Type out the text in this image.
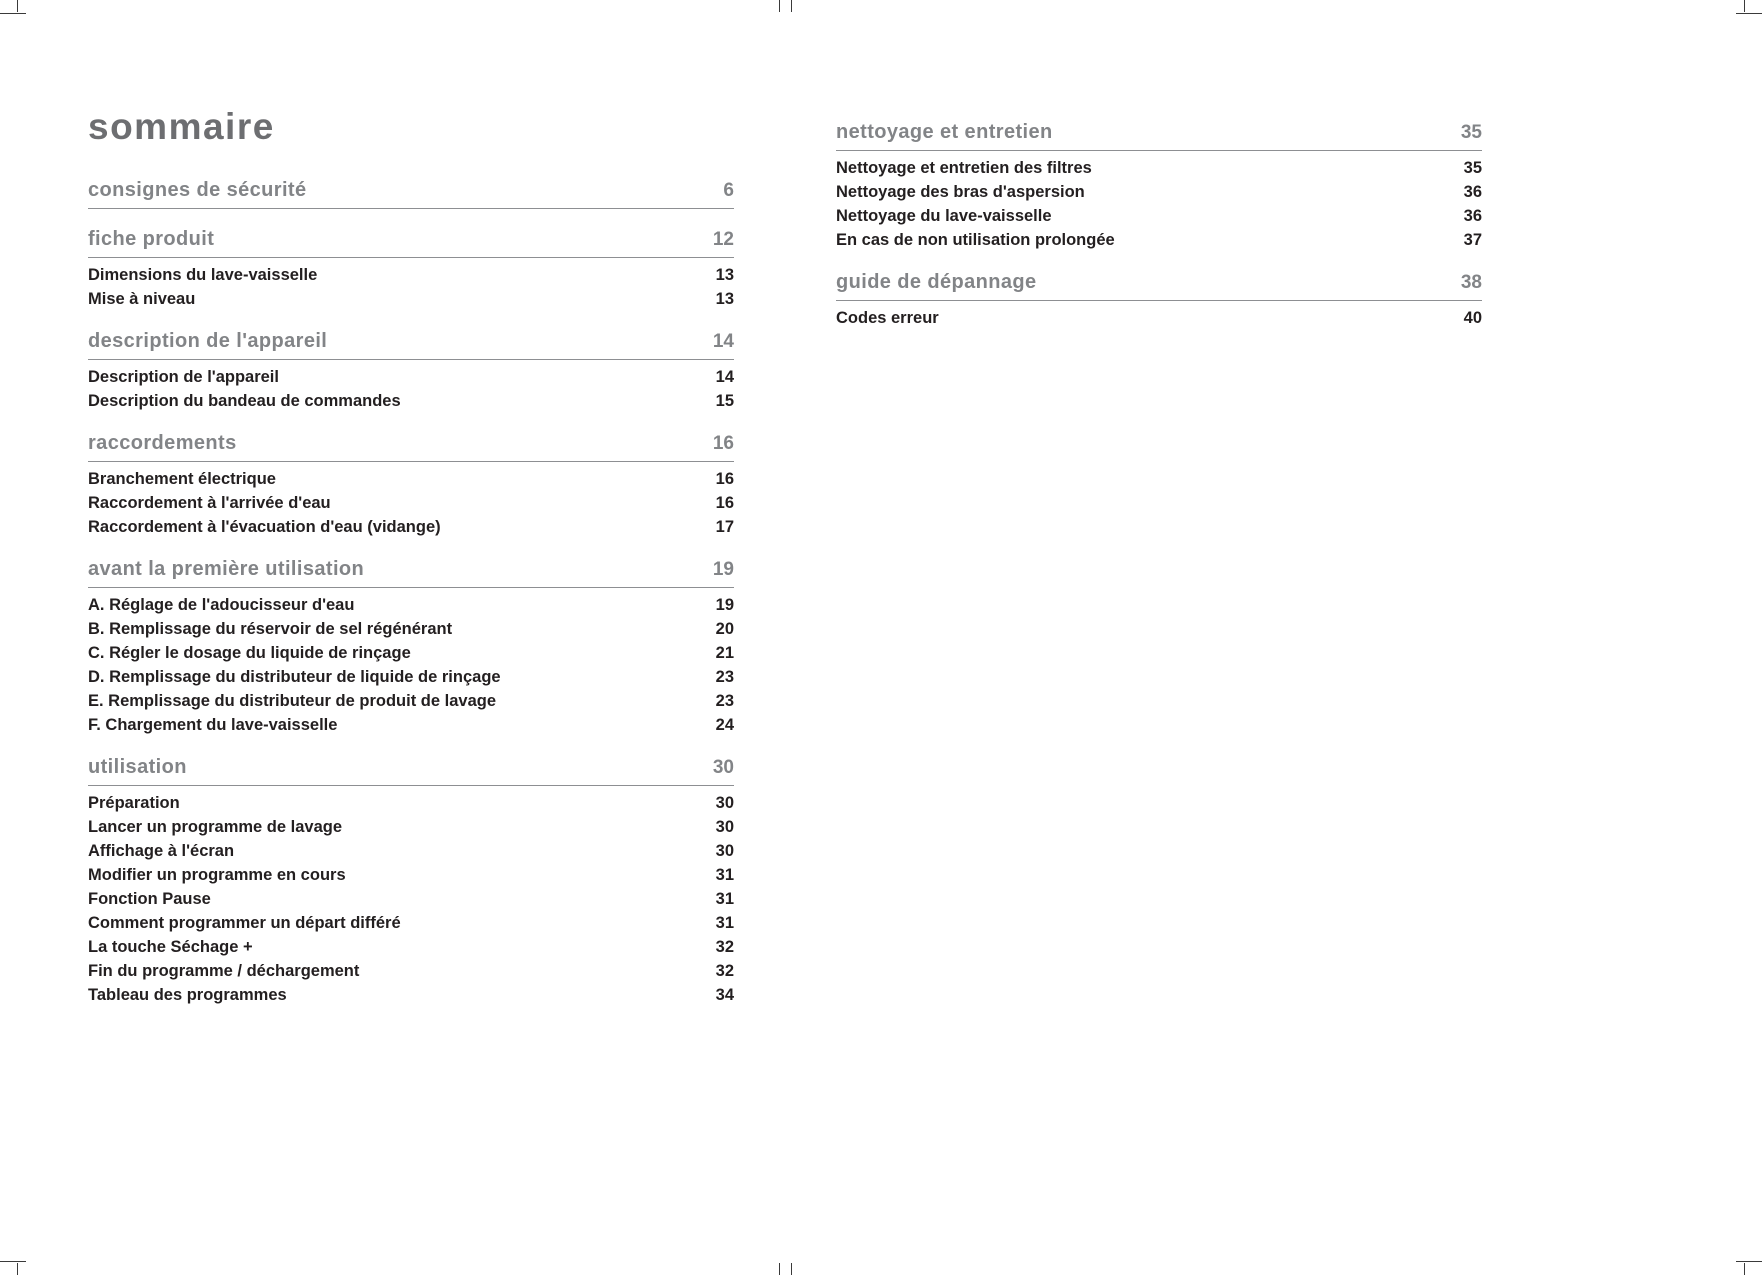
sommaire
consignes de sécurité	6
fiche produit	12
Dimensions du lave-vaisselle	13
Mise à niveau	13
description de l'appareil	14
Description de l'appareil	14
Description du bandeau de commandes	15
raccordements	16
Branchement électrique	16
Raccordement à l'arrivée d'eau	16
Raccordement à l'évacuation d'eau (vidange)	17
avant la première utilisation	19
A. Réglage de l'adoucisseur d'eau	19
B. Remplissage du réservoir de sel régénérant	20
C. Régler le dosage du liquide de rinçage	21
D. Remplissage du distributeur de liquide de rinçage	23
E. Remplissage du distributeur de produit de lavage	23
F. Chargement du lave-vaisselle	24
utilisation	30
Préparation	30
Lancer un programme de lavage	30
Affichage à l'écran	30
Modifier un programme en cours	31
Fonction Pause	31
Comment programmer un départ différé	31
La touche Séchage +	32
Fin du programme / déchargement	32
Tableau des programmes	34
nettoyage et entretien	35
Nettoyage et entretien des filtres	35
Nettoyage des bras d'aspersion	36
Nettoyage du lave-vaisselle	36
En cas de non utilisation prolongée	37
guide de dépannage	38
Codes erreur	40
